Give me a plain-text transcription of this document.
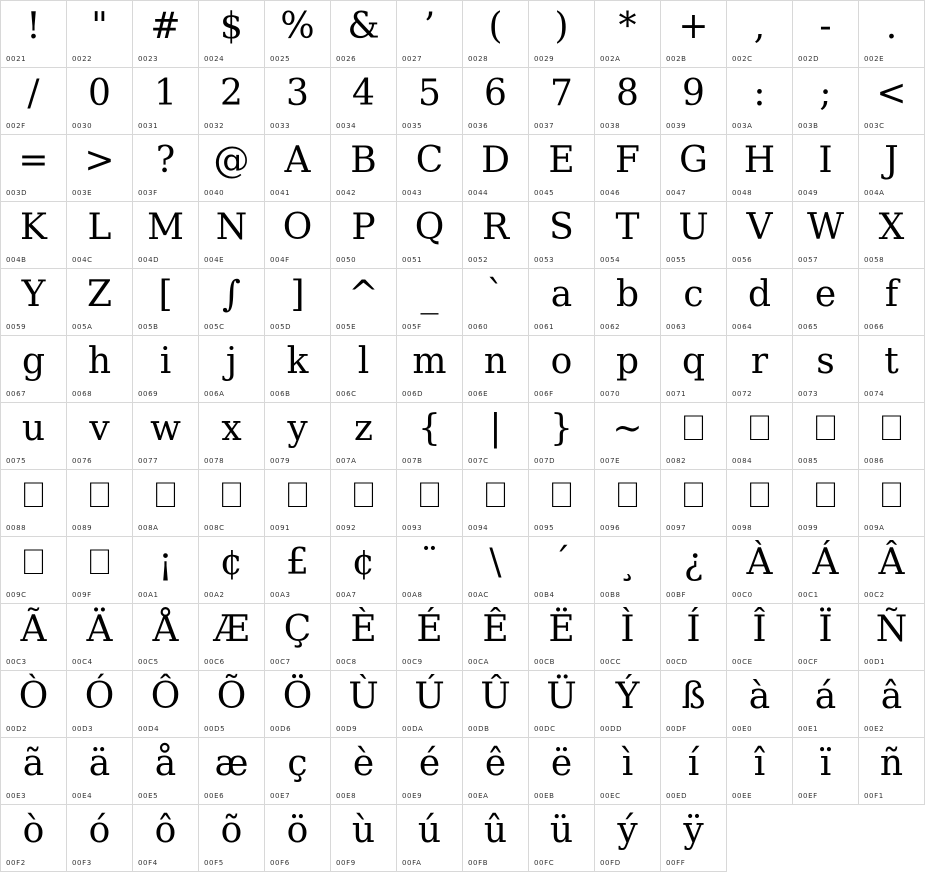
!
0021
"
0022
#
0023
$
0024
%
0025
&
0026
’
0027
(
0028
)
0029
*
002A
+
002B
,
002C
-
002D
.
002E
/
002F
0
0030
1
0031
2
0032
3
0033
4
0034
5
0035
6
0036
7
0037
8
0038
9
0039
:
003A
;
003B
<
003C
=
003D
>
003E
?
003F
@
0040
A
0041
B
0042
C
0043
D
0044
E
0045
F
0046
G
0047
H
0048
I
0049
J
004A
K
004B
L
004C
M
004D
N
004E
O
004F
P
0050
Q
0051
R
0052
S
0053
T
0054
U
0055
V
0056
W
0057
X
0058
Y
0059
Z
005A
[
005B
∫
005C
]
005D
^
005E
_
005F
`
0060
a
0061
b
0062
c
0063
d
0064
e
0065
f
0066
g
0067
h
0068
i
0069
j
006A
k
006B
l
006C
m
006D
n
006E
o
006F
p
0070
q
0071
r
0072
s
0073
t
0074
u
0075
v
0076
w
0077
x
0078
y
0079
z
007A
{
007B
|
007C
}
007D
~
007E
⎕
0082
⎕
0084
⎕
0085
⎕
0086
⎕
0088
⎕
0089
⎕
008A
⎕
008C
⎕
0091
⎕
0092
⎕
0093
⎕
0094
⎕
0095
⎕
0096
⎕
0097
⎕
0098
⎕
0099
⎕
009A
⎕
009C
⎕
009F
¡
00A1
¢
00A2
£
00A3
¢
00A7
¨
00A8
\
00AC
´
00B4
¸
00B8
¿
00BF
À
00C0
Á
00C1
Â
00C2
Ã
00C3
Ä
00C4
Å
00C5
Æ
00C6
Ç
00C7
È
00C8
É
00C9
Ê
00CA
Ë
00CB
Ì
00CC
Í
00CD
Î
00CE
Ï
00CF
Ñ
00D1
Ò
00D2
Ó
00D3
Ô
00D4
Õ
00D5
Ö
00D6
Ù
00D9
Ú
00DA
Û
00DB
Ü
00DC
Ý
00DD
ß
00DF
à
00E0
á
00E1
â
00E2
ã
00E3
ä
00E4
å
00E5
æ
00E6
ç
00E7
è
00E8
é
00E9
ê
00EA
ë
00EB
ì
00EC
í
00ED
î
00EE
ï
00EF
ñ
00F1
ò
00F2
ó
00F3
ô
00F4
õ
00F5
ö
00F6
ù
00F9
ú
00FA
û
00FB
ü
00FC
ý
00FD
ÿ
00FF
